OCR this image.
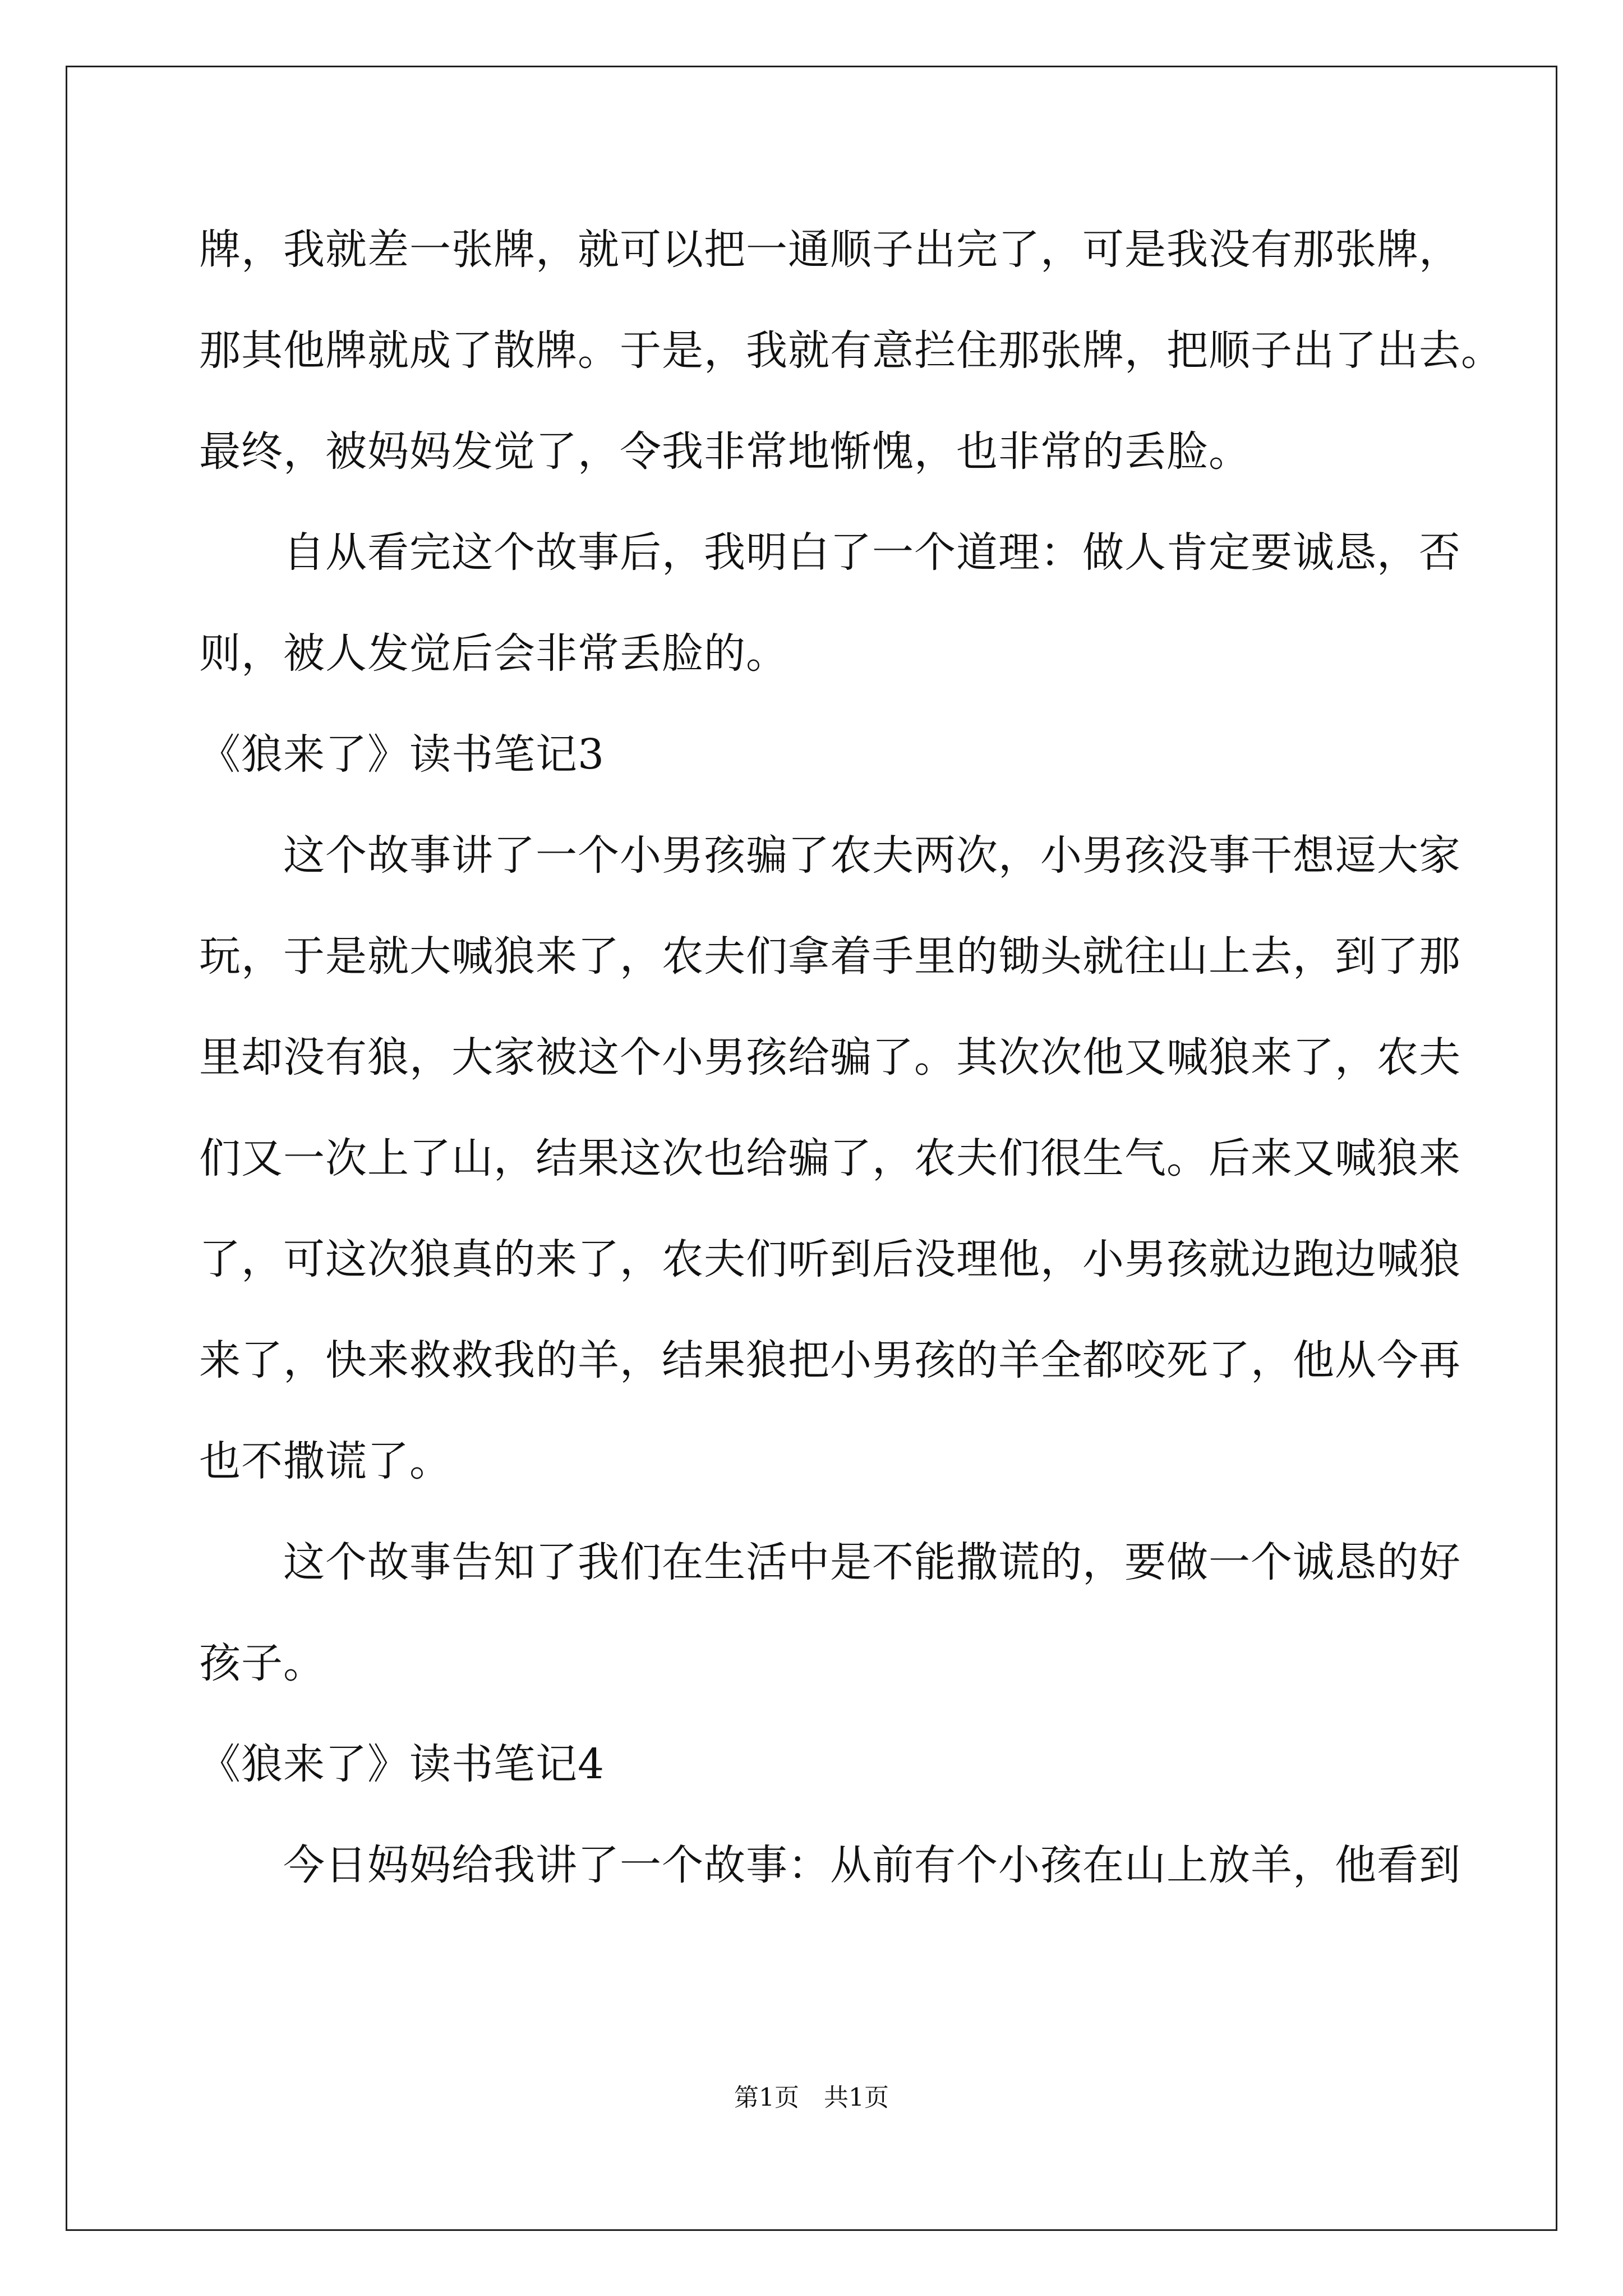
牌，我就差一张牌，就可以把一通顺子出完了，可是我没有那张牌，
那其他牌就成了散牌。于是，我就有意拦住那张牌，把顺子出了出去。
最终，被妈妈发觉了，令我非常地惭愧，也非常的丢脸。
　　自从看完这个故事后，我明白了一个道理：做人肯定要诚恳，否
则，被人发觉后会非常丢脸的。
《狼来了》读书笔记3
　　这个故事讲了一个小男孩骗了农夫两次，小男孩没事干想逗大家
玩，于是就大喊狼来了，农夫们拿着手里的锄头就往山上去，到了那
里却没有狼，大家被这个小男孩给骗了。其次次他又喊狼来了，农夫
们又一次上了山，结果这次也给骗了，农夫们很生气。后来又喊狼来
了，可这次狼真的来了，农夫们听到后没理他，小男孩就边跑边喊狼
来了，快来救救我的羊，结果狼把小男孩的羊全都咬死了，他从今再
也不撒谎了。
　　这个故事告知了我们在生活中是不能撒谎的，要做一个诚恳的好
孩子。
《狼来了》读书笔记4
　　今日妈妈给我讲了一个故事：从前有个小孩在山上放羊，他看到
第1页　共1页
